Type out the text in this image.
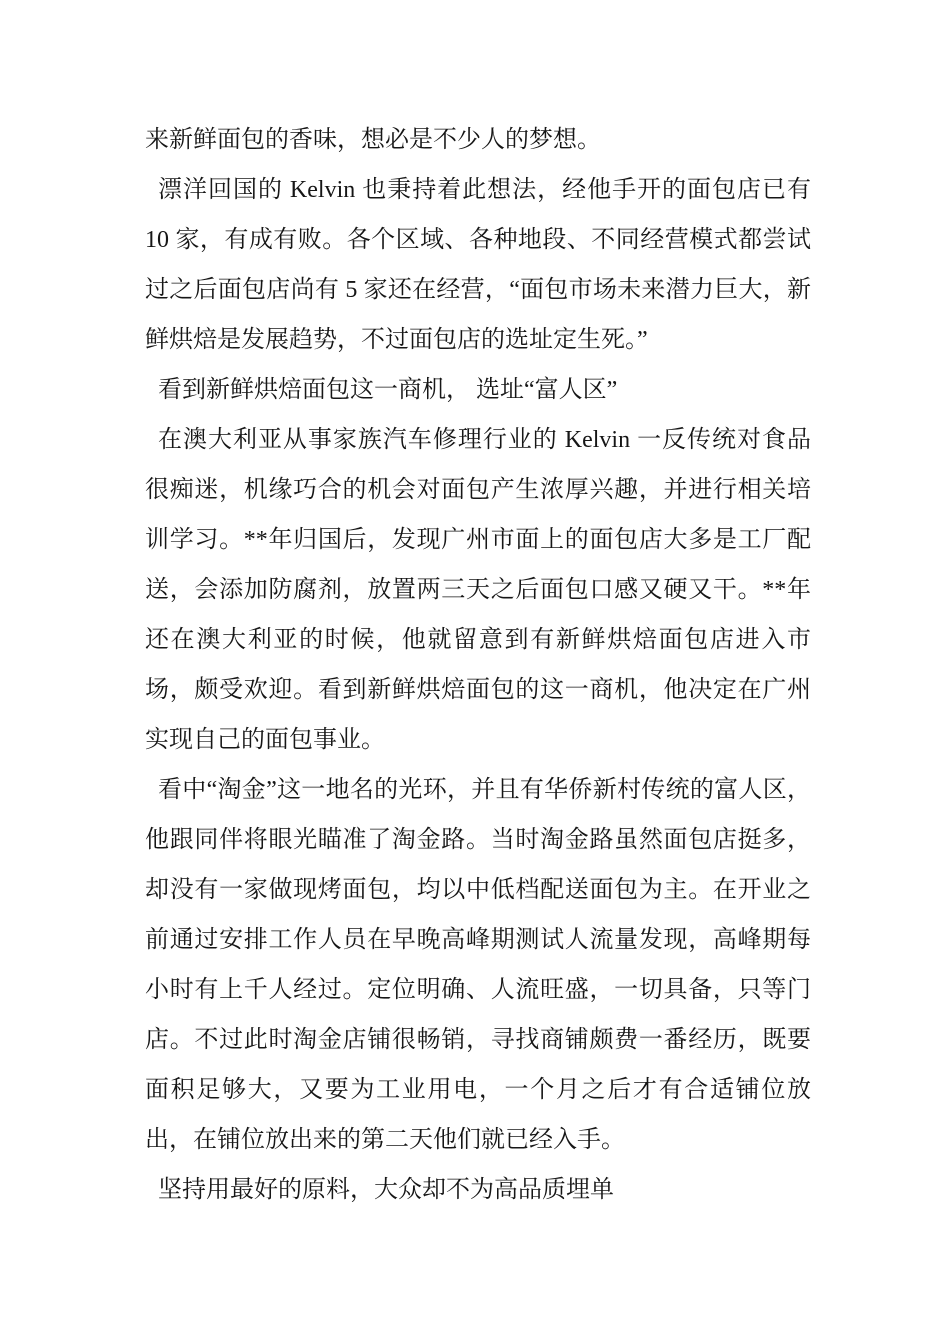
来新鲜面包的香味，想必是不少人的梦想。

漂洋回国的 Kelvin 也秉持着此想法，经他手开的面包店已有 10 家，有成有败。各个区域、各种地段、不同经营模式都尝试过之后面包店尚有 5 家还在经营，“面包市场未来潜力巨大，新鲜烘焙是发展趋势，不过面包店的选址定生死。”

看到新鲜烘焙面包这一商机， 选址“富人区”

在澳大利亚从事家族汽车修理行业的 Kelvin 一反传统对食品很痴迷，机缘巧合的机会对面包产生浓厚兴趣，并进行相关培训学习。**年归国后，发现广州市面上的面包店大多是工厂配送，会添加防腐剂，放置两三天之后面包口感又硬又干。**年还在澳大利亚的时候，他就留意到有新鲜烘焙面包店进入市场，颇受欢迎。看到新鲜烘焙面包的这一商机，他决定在广州实现自己的面包事业。

看中“淘金”这一地名的光环，并且有华侨新村传统的富人区，他跟同伴将眼光瞄准了淘金路。当时淘金路虽然面包店挺多，却没有一家做现烤面包，均以中低档配送面包为主。在开业之前通过安排工作人员在早晚高峰期测试人流量发现，高峰期每小时有上千人经过。定位明确、人流旺盛，一切具备，只等门店。不过此时淘金店铺很畅销，寻找商铺颇费一番经历，既要面积足够大，又要为工业用电，一个月之后才有合适铺位放出，在铺位放出来的第二天他们就已经入手。

坚持用最好的原料，大众却不为高品质埋单
